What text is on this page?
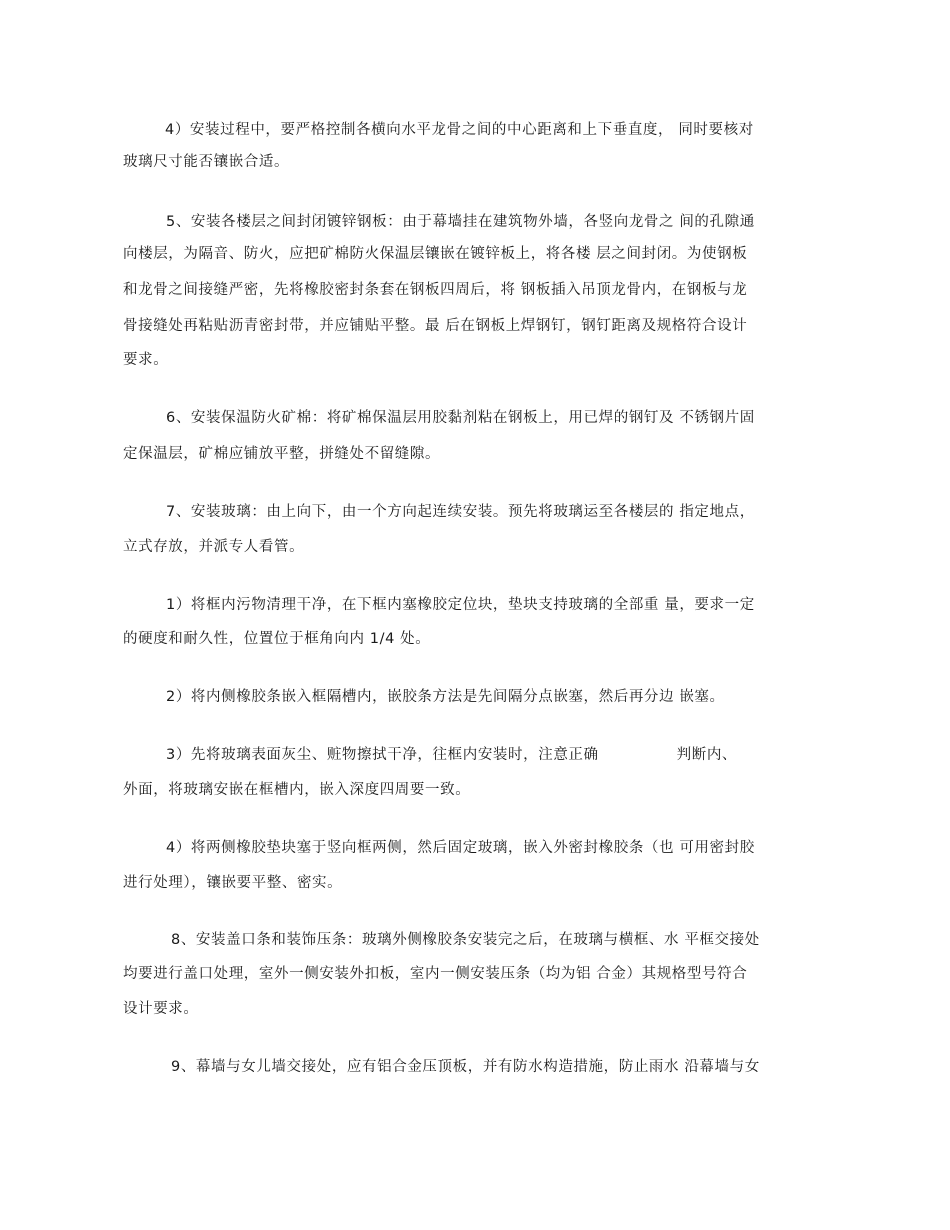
4）安装过程中，要严格控制各横向水平龙骨之间的中心距离和上下垂直度， 同时要核对
玻璃尺寸能否镶嵌合适。
5、安装各楼层之间封闭镀锌钢板：由于幕墙挂在建筑物外墙，各竖向龙骨之 间的孔隙通
向楼层，为隔音、防火，应把矿棉防火保温层镶嵌在镀锌板上，将各楼 层之间封闭。为使钢板
和龙骨之间接缝严密，先将橡胶密封条套在钢板四周后，将 钢板插入吊顶龙骨内，在钢板与龙
骨接缝处再粘贴沥青密封带，并应铺贴平整。最 后在钢板上焊钢钉，钢钉距离及规格符合设计
要求。
6、安装保温防火矿棉：将矿棉保温层用胶黏剂粘在钢板上，用已焊的钢钉及 不锈钢片固
定保温层，矿棉应铺放平整，拼缝处不留缝隙。
7、安装玻璃：由上向下，由一个方向起连续安装。预先将玻璃运至各楼层的 指定地点，
立式存放，并派专人看管。
1）将框内污物清理干净，在下框内塞橡胶定位块，垫块支持玻璃的全部重 量，要求一定
的硬度和耐久性，位置位于框角向内 1/4 处。
2）将内侧橡胶条嵌入框隔槽内，嵌胶条方法是先间隔分点嵌塞，然后再分边 嵌塞。
3）先将玻璃表面灰尘、赃物擦拭干净，往框内安装时，注意正确	判断内、
外面，将玻璃安嵌在框槽内，嵌入深度四周要一致。
4）将两侧橡胶垫块塞于竖向框两侧，然后固定玻璃，嵌入外密封橡胶条（也 可用密封胶
进行处理），镶嵌要平整、密实。
8、安装盖口条和装饰压条：玻璃外侧橡胶条安装完之后，在玻璃与横框、水 平框交接处
均要进行盖口处理，室外一侧安装外扣板，室内一侧安装压条（均为铝 合金）其规格型号符合
设计要求。
9、幕墙与女儿墙交接处，应有铝合金压顶板，并有防水构造措施，防止雨水 沿幕墙与女
